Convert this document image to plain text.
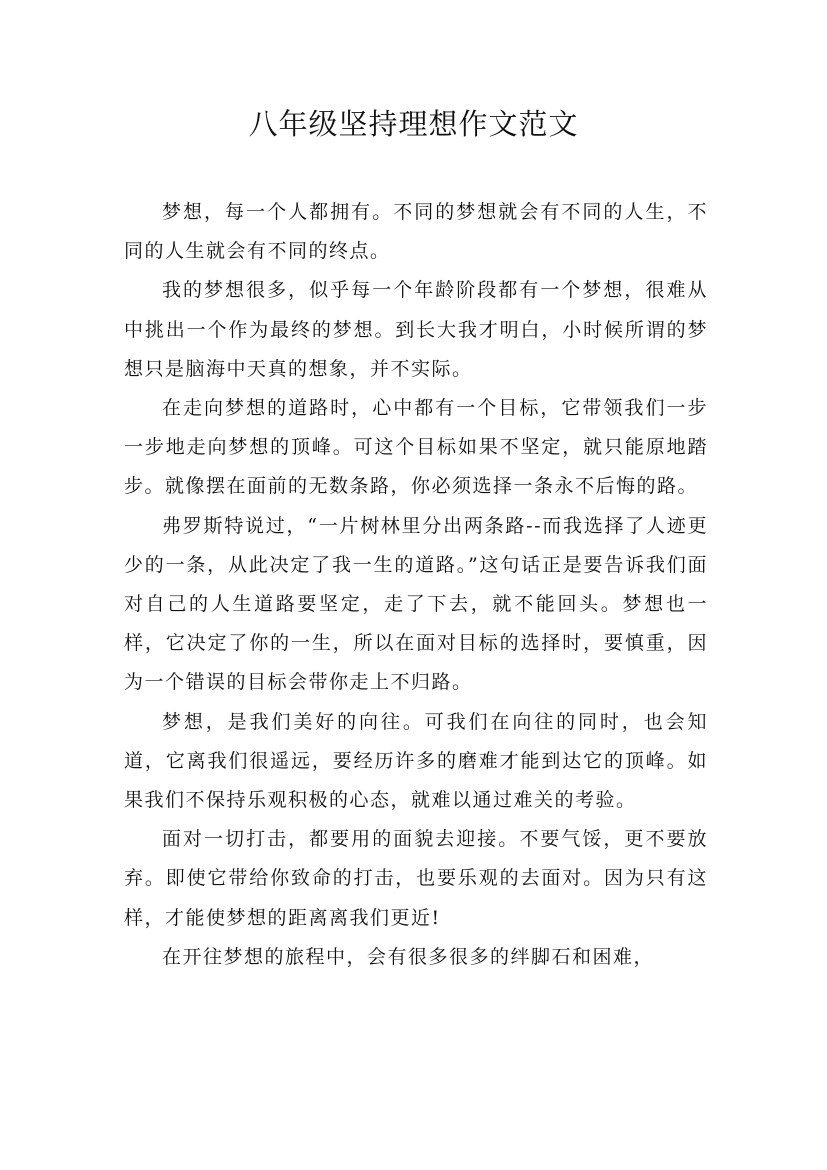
八年级坚持理想作文范文

梦想，每一个人都拥有。不同的梦想就会有不同的人生，不同的人生就会有不同的终点。

我的梦想很多，似乎每一个年龄阶段都有一个梦想，很难从中挑出一个作为最终的梦想。到长大我才明白，小时候所谓的梦想只是脑海中天真的想象，并不实际。

在走向梦想的道路时，心中都有一个目标，它带领我们一步一步地走向梦想的顶峰。可这个目标如果不坚定，就只能原地踏步。就像摆在面前的无数条路，你必须选择一条永不后悔的路。

弗罗斯特说过，“一片树林里分出两条路--而我选择了人迹更少的一条，从此决定了我一生的道路。”这句话正是要告诉我们面对自己的人生道路要坚定，走了下去，就不能回头。梦想也一样，它决定了你的一生，所以在面对目标的选择时，要慎重，因为一个错误的目标会带你走上不归路。

梦想，是我们美好的向往。可我们在向往的同时，也会知道，它离我们很遥远，要经历许多的磨难才能到达它的顶峰。如果我们不保持乐观积极的心态，就难以通过难关的考验。

面对一切打击，都要用的面貌去迎接。不要气馁，更不要放弃。即使它带给你致命的打击，也要乐观的去面对。因为只有这样，才能使梦想的距离离我们更近!

在开往梦想的旅程中，会有很多很多的绊脚石和困难，
